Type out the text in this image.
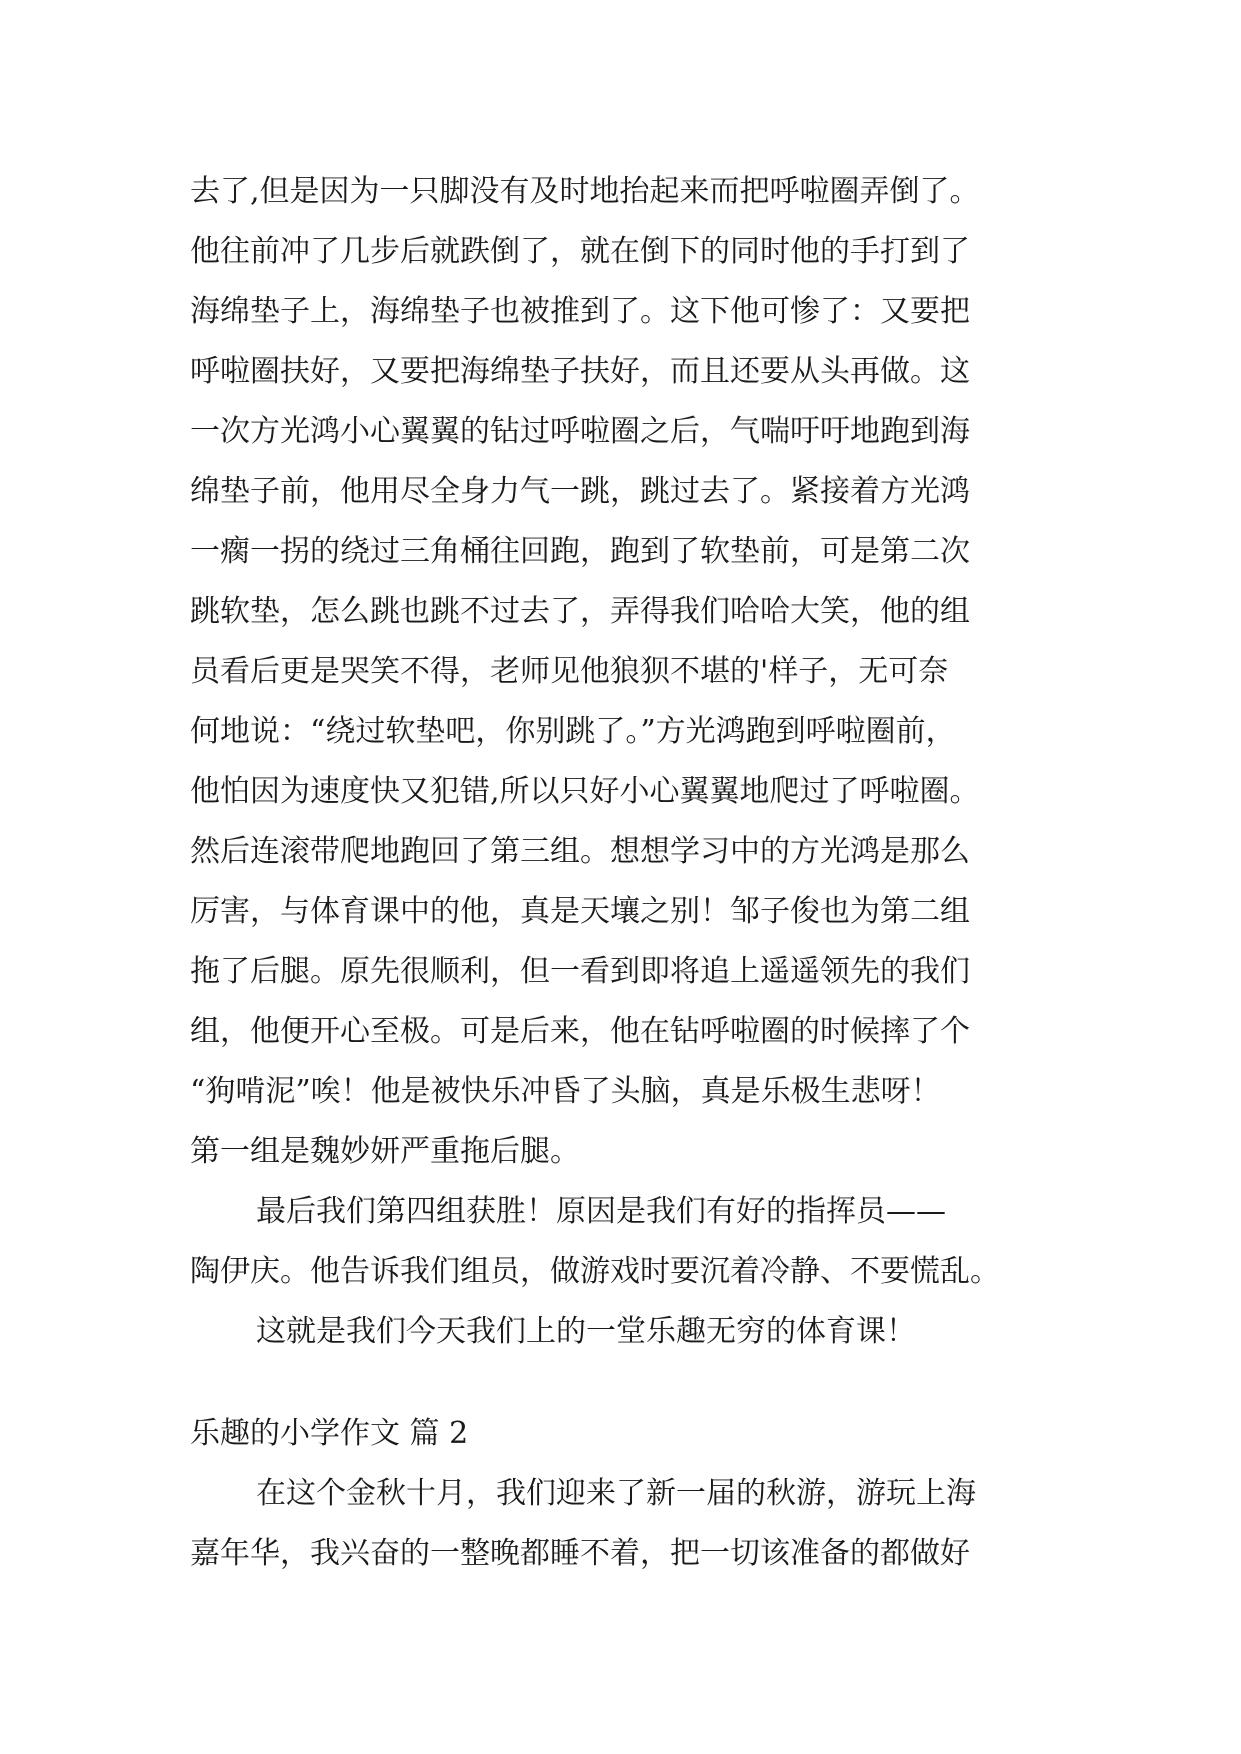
去了,但是因为一只脚没有及时地抬起来而把呼啦圈弄倒了。
他往前冲了几步后就跌倒了，就在倒下的同时他的手打到了
海绵垫子上，海绵垫子也被推到了。这下他可惨了：又要把
呼啦圈扶好，又要把海绵垫子扶好，而且还要从头再做。这
一次方光鸿小心翼翼的钻过呼啦圈之后，气喘吁吁地跑到海
绵垫子前，他用尽全身力气一跳，跳过去了。紧接着方光鸿
一瘸一拐的绕过三角桶往回跑，跑到了软垫前，可是第二次
跳软垫，怎么跳也跳不过去了，弄得我们哈哈大笑，他的组
员看后更是哭笑不得，老师见他狼狈不堪的'样子，无可奈
何地说：“绕过软垫吧，你别跳了。”方光鸿跑到呼啦圈前，
他怕因为速度快又犯错,所以只好小心翼翼地爬过了呼啦圈。
然后连滚带爬地跑回了第三组。想想学习中的方光鸿是那么
厉害，与体育课中的他，真是天壤之别！邹子俊也为第二组
拖了后腿。原先很顺利，但一看到即将追上遥遥领先的我们
组，他便开心至极。可是后来，他在钻呼啦圈的时候摔了个
“狗啃泥”唉！他是被快乐冲昏了头脑，真是乐极生悲呀！
第一组是魏妙妍严重拖后腿。
最后我们第四组获胜！原因是我们有好的指挥员——
陶伊庆。他告诉我们组员，做游戏时要沉着冷静、不要慌乱。
这就是我们今天我们上的一堂乐趣无穷的体育课！
乐趣的小学作文 篇 2
在这个金秋十月，我们迎来了新一届的秋游，游玩上海
嘉年华，我兴奋的一整晚都睡不着，把一切该准备的都做好
